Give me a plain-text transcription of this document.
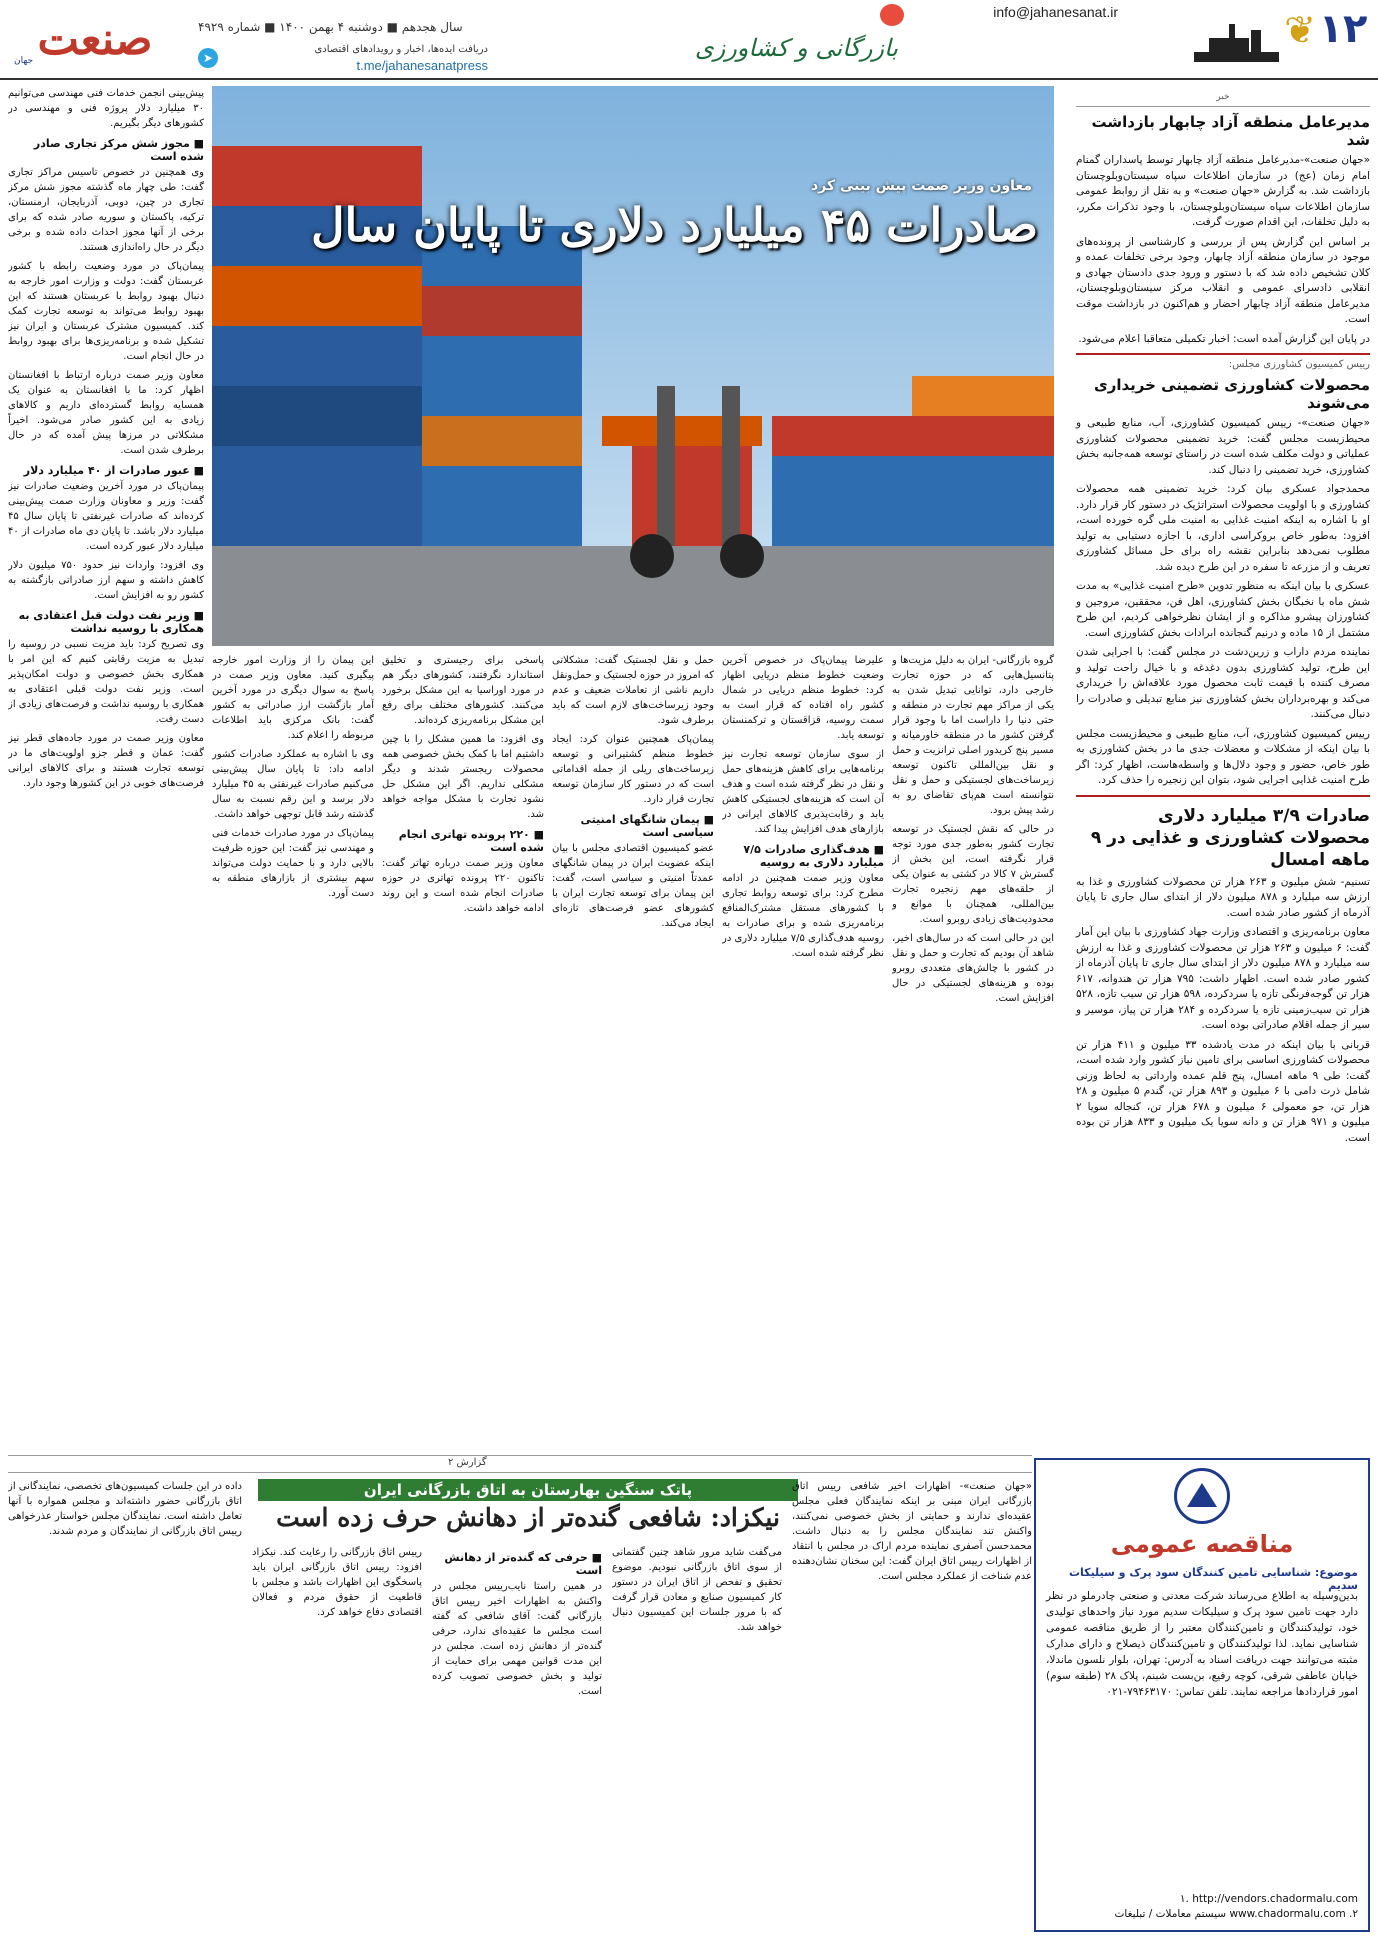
۱۲
❦
بازرگانی و کشاورزی
info@jahanesanat.ir
سال هجدهم ■ دوشنبه ۴ بهمن ۱۴۰۰ ■ شماره ۴۹۲۹
➤
دریافت ایده‌ها، اخبار و رویدادهای اقتصادی
t.me/jahanesanatpress
صنعت
جهان
خبر
مدیرعامل منطقه آزاد چابهار بازداشت شد

«جهان صنعت»-مدیرعامل منطقه آزاد چابهار توسط پاسداران گمنام امام زمان (عج) در سازمان اطلاعات سپاه سیستان‌وبلوچستان بازداشت شد. به گزارش «جهان صنعت» و به نقل از روابط عمومی سازمان اطلاعات سپاه سیستان‌وبلوچستان، با وجود تذکرات مکرر، به دلیل تخلفات، این اقدام صورت گرفت.

بر اساس این گزارش پس از بررسی و کارشناسی از پرونده‌های موجود در سازمان منطقه آزاد چابهار، وجود برخی تخلفات عمده و کلان تشخیص داده شد که با دستور و ورود جدی دادستان جهادی و انقلابی دادسرای عمومی و انقلاب مرکز سیستان‌وبلوچستان، مدیرعامل منطقه آزاد چابهار احضار و هم‌اکنون در بازداشت موقت است.

در پایان این گزارش آمده است: اخبار تکمیلی متعاقبا اعلام می‌شود.

رییس کمیسیون کشاورزی مجلس:
محصولات کشاورزی تضمینی خریداری می‌شوند

«جهان صنعت»- رییس کمیسیون کشاورزی، آب، منابع طبیعی و محیط‌زیست مجلس گفت: خرید تضمینی محصولات کشاورزی عملیاتی و دولت مکلف شده است در راستای توسعه همه‌جانبه بخش کشاورزی، خرید تضمینی را دنبال کند.

محمدجواد عسکری بیان کرد: خرید تضمینی همه محصولات کشاورزی و با اولویت محصولات استراتژیک در دستور کار قرار دارد. او با اشاره به اینکه امنیت غذایی به امنیت ملی گره خورده است، افزود: به‌طور خاص بروکراسی اداری، با اجازه دستیابی به تولید مطلوب نمی‌دهد بنابراین نقشه راه برای حل مسائل کشاورزی تعریف و از مزرعه تا سفره در این طرح دیده شد.

عسکری با بیان اینکه به منظور تدوین «طرح امنیت غذایی» به مدت شش ماه با نخبگان بخش کشاورزی، اهل فن، محققین، مروجین و کشاورزان پیشرو مذاکره و از ایشان نظرخواهی کردیم، این طرح مشتمل از ۱۵ ماده و درنیم‌ گنجانده ابرادات بخش کشاورزی است.

نماینده مردم داراب و زرین‌دشت در مجلس گفت: با اجرایی شدن این طرح، تولید کشاورزی بدون دغدغه و با خیال راحت تولید و مصرف کننده با قیمت ثابت محصول مورد علاقه‌اش را خریداری می‌کند و بهره‌برداران بخش کشاورزی نیز منابع تبدیلی و صادرات را دنبال می‌کنند.

رییس کمیسیون کشاورزی، آب، منابع طبیعی و محیط‌زیست مجلس با بیان اینکه از مشکلات و معضلات جدی ما در بخش کشاورزی به طور خاص، حضور و وجود دلال‌ها و واسطه‌هاست، اظهار کرد: اگر طرح امنیت غذایی اجرایی شود، بتوان این زنجیره را حذف کرد.

صادرات ۳/۹ میلیارد دلاری محصولات کشاورزی و غذایی در ۹ ماهه امسال

تسنیم- شش میلیون و ۲۶۳ هزار تن محصولات کشاورزی و غذا به ارزش سه میلیارد و ۸۷۸ میلیون دلار از ابتدای سال جاری تا پایان آذرماه از کشور صادر شده است.

معاون برنامه‌ریزی و اقتصادی وزارت جهاد کشاورزی با بیان این آمار گفت: ۶ میلیون و ۲۶۳ هزار تن محصولات کشاورزی و غذا به ارزش سه میلیارد و ۸۷۸ میلیون دلار از ابتدای سال جاری تا پایان آذرماه از کشور صادر شده است. اظهار داشت: ۷۹۵ هزار تن هندوانه، ۶۱۷ هزار تن گوجه‌فرنگی تازه یا سردکرده، ۵۹۸ هزار تن سیب تازه، ۵۲۸ هزار تن سیب‌زمینی تازه یا سردکرده و ۲۸۴ هزار تن پیاز، موسیر و سیر از جمله اقلام صادراتی بوده است.

قربانی با بیان اینکه در مدت یادشده ۳۳ میلیون و ۴۱۱ هزار تن محصولات کشاورزی اساسی برای تامین نیاز کشور وارد شده است، گفت: طی ۹ ماهه امسال، پنج قلم عمده وارداتی به لحاظ وزنی شامل ذرت دامی با ۶ میلیون و ۸۹۳ هزار تن، گندم ۵ میلیون و ۲۸ هزار تن، جو معمولی ۶ میلیون و ۶۷۸ هزار تن، کنجاله سویا ۲ میلیون و ۹۷۱ هزار تن و دانه سویا یک میلیون و ۸۳۳ هزار تن بوده است.

معاون وزیر صمت پیش بینی کرد
صادرات ۴۵ میلیارد دلاری تا پایان سال

گروه بازرگانی- ایران به دلیل مزیت‌ها و پتانسیل‌هایی که در حوزه تجارت خارجی دارد، توانایی تبدیل شدن به یکی از مراکز مهم تجارت در منطقه و حتی دنیا را داراست اما با وجود قرار گرفتن کشور ما در منطقه خاورمیانه و مسیر پنج کریدور اصلی ترانزیت و حمل و نقل بین‌المللی تاکنون توسعه زیرساخت‌های لجستیکی و حمل و نقل نتوانسته است هم‌پای تقاضای رو به رشد پیش برود.

در حالی که نقش لجستیک در توسعه تجارت کشور به‌طور جدی مورد توجه قرار نگرفته است، این بخش از گسترش ۷ کالا در کشتی به عنوان یکی از حلقه‌های مهم زنجیره تجارت بین‌المللی، همچنان با موانع و محدودیت‌های زیادی روبرو است.

این در حالی است که در سال‌های اخیر، شاهد آن بودیم که تجارت و حمل و نقل در کشور با چالش‌های متعددی روبرو بوده و هزینه‌های لجستیکی در حال افزایش است.

علیرضا پیمان‌پاک در خصوص آخرین وضعیت خطوط منظم دریایی اظهار کرد: خطوط منظم دریایی در شمال کشور راه افتاده که قرار است به سمت روسیه، قزاقستان و ترکمنستان توسعه یابد.

از سوی سازمان توسعه تجارت نیز برنامه‌هایی برای کاهش هزینه‌های حمل و نقل در نظر گرفته شده است و هدف آن است که هزینه‌های لجستیکی کاهش یابد و رقابت‌پذیری کالاهای ایرانی در بازارهای هدف افزایش پیدا کند.

■ هدف‌گذاری صادرات ۷/۵ میلیارد دلاری به روسیه

معاون وزیر صمت همچنین در ادامه مطرح کرد: برای توسعه روابط تجاری با کشورهای مستقل مشترک‌المنافع برنامه‌ریزی شده و برای صادرات به روسیه هدف‌گذاری ۷/۵ میلیارد دلاری در نظر گرفته شده است.

حمل و نقل لجستیک گفت: مشکلاتی که امروز در حوزه لجستیک و حمل‌ونقل داریم ناشی از تعاملات ضعیف و عدم وجود زیرساخت‌های لازم است که باید برطرف شود.

پیمان‌پاک همچنین عنوان کرد: ایجاد خطوط منظم کشتیرانی و توسعه زیرساخت‌های ریلی از جمله اقداماتی است که در دستور کار سازمان توسعه تجارت قرار دارد.

■ پیمان شانگهای امنیتی سیاسی است

عضو کمیسیون اقتصادی مجلس با بیان اینکه عضویت ایران در پیمان شانگهای عمدتاً امنیتی و سیاسی است، گفت: این پیمان برای توسعه تجارت ایران با کشورهای عضو فرصت‌های تازه‌ای ایجاد می‌کند.

پاسخی برای رجیستری و تخلیق استاندارد نگرفتند، کشورهای دیگر هم در مورد اوراسیا به این مشکل برخورد می‌کنند. کشورهای مختلف برای رفع این مشکل برنامه‌ریزی کرده‌اند.

وی افزود: ما همین مشکل را با چین داشتیم اما با کمک بخش خصوصی همه محصولات ریجستر شدند و دیگر مشکلی نداریم. اگر این مشکل حل نشود تجارت با مشکل مواجه خواهد شد.

■ ۲۲۰ پرونده تهاتری انجام شده است

معاون وزیر صمت درباره تهاتر گفت: تاکنون ۲۲۰ پرونده تهاتری در حوزه صادرات انجام شده است و این روند ادامه خواهد داشت.

این پیمان را از وزارت امور خارجه پیگیری کنید. معاون وزیر صمت در پاسخ به سوال دیگری در مورد آخرین آمار بازگشت ارز صادراتی به کشور گفت: بانک مرکزی باید اطلاعات مربوطه را اعلام کند.

وی با اشاره به عملکرد صادرات کشور ادامه داد: تا پایان سال پیش‌بینی می‌کنیم صادرات غیرنفتی به ۴۵ میلیارد دلار برسد و این رقم نسبت به سال گذشته رشد قابل توجهی خواهد داشت.

پیمان‌پاک در مورد صادرات خدمات فنی و مهندسی نیز گفت: این حوزه ظرفیت بالایی دارد و با حمایت دولت می‌تواند سهم بیشتری از بازارهای منطقه به دست آورد.

پیش‌بینی انجمن خدمات فنی مهندسی می‌توانیم ۳۰ میلیارد دلار پروژه فنی و مهندسی در کشورهای دیگر بگیریم.

■ مجوز شش مرکز تجاری صادر شده است

وی همچنین در خصوص تاسیس مراکز تجاری گفت: طی چهار ماه گذشته مجوز شش مرکز تجاری در چین، دوبی، آذربایجان، ارمنستان، ترکیه، پاکستان و سوریه صادر شده که برای برخی از آنها مجوز احداث داده شده و برخی دیگر در حال راه‌اندازی هستند.

پیمان‌پاک در مورد وضعیت رابطه با کشور عربستان گفت: دولت و وزارت امور خارجه به دنبال بهبود روابط با عربستان هستند که این بهبود روابط می‌تواند به توسعه تجارت کمک کند. کمیسیون مشترک عربستان و ایران نیز تشکیل شده و برنامه‌ریزی‌ها برای بهبود روابط در حال انجام است.

معاون وزیر صمت درباره ارتباط با افغانستان اظهار کرد: ما با افغانستان به عنوان یک همسایه روابط گسترده‌ای داریم و کالاهای زیادی به این کشور صادر می‌شود. اخیراً مشکلاتی در مرزها پیش آمده که در حال برطرف شدن است.

■ عبور صادرات از ۴۰ میلیارد دلار

پیمان‌پاک در مورد آخرین وضعیت صادرات نیز گفت: وزیر و معاونان وزارت صمت پیش‌بینی کرده‌اند که صادرات غیرنفتی تا پایان سال ۴۵ میلیارد دلار باشد. تا پایان دی ماه صادرات از ۴۰ میلیارد دلار عبور کرده است.

وی افزود: واردات نیز حدود ۷۵۰ میلیون دلار کاهش داشته و سهم ارز صادراتی بازگشته به کشور رو به افزایش است.

■ وزیر نفت دولت قبل اعتقادی به همکاری با روسیه نداشت

وی تصریح کرد: باید مزیت نسبی در روسیه را تبدیل به مزیت رقابتی کنیم که این امر با همکاری بخش خصوصی و دولت امکان‌پذیر است. وزیر نفت دولت قبلی اعتقادی به همکاری با روسیه نداشت و فرصت‌های زیادی از دست رفت.

معاون وزیر صمت در مورد جاده‌های قطر نیز گفت: عمان و قطر جزو اولویت‌های ما در توسعه تجارت هستند و برای کالاهای ایرانی فرصت‌های خوبی در این کشورها وجود دارد.

گزارش ۲
پاتک سنگین بهارستان به اتاق بازرگانی ایران
نیکزاد: شافعی گنده‌تر از دهانش حرف زده است

«جهان صنعت»- اظهارات اخیر شافعی رییس اتاق بازرگانی ایران مبنی بر اینکه نمایندگان فعلی مجلس عقیده‌ای ندارند و حمایتی از بخش خصوصی نمی‌کنند، واکنش تند نمایندگان مجلس را به دنبال داشت. محمدحسن آصفری نماینده مردم اراک در مجلس با انتقاد از اظهارات رییس اتاق ایران گفت: این سخنان نشان‌دهنده عدم شناخت از عملکرد مجلس است.

می‌گفت شاید مرور شاهد چنین گفتمانی از سوی اتاق بازرگانی نبودیم. موضوع تحقیق و تفحص از اتاق ایران در دستور کار کمیسیون صنایع و معادن قرار گرفت که با مرور جلسات این کمیسیون دنبال خواهد شد.

■ حرفی که گنده‌تر از دهانش است

در همین راستا نایب‌رییس مجلس در واکنش به اظهارات اخیر رییس اتاق بازرگانی گفت: آقای شافعی که گفته است مجلس ما عقیده‌ای ندارد، حرفی گنده‌تر از دهانش زده است. مجلس در این مدت قوانین مهمی برای حمایت از تولید و بخش خصوصی تصویب کرده است.

رییس اتاق بازرگانی را رعایت کند. نیکزاد افزود: رییس اتاق بازرگانی ایران باید پاسخگوی این اظهارات باشد و مجلس با قاطعیت از حقوق مردم و فعالان اقتصادی دفاع خواهد کرد.

داده‌ در این جلسات کمیسیون‌های تخصصی، نمایندگانی از اتاق بازرگانی حضور داشته‌اند و مجلس همواره با آنها تعامل داشته است. نمایندگان مجلس خواستار عذرخواهی رییس اتاق بازرگانی از نمایندگان و مردم شدند.	مناقصه عمومی
موضوع: شناسایی تامین کنندگان سود پرک و سیلیکات سدیم
بدین‌وسیله به اطلاع می‌رساند شرکت معدنی و صنعتی چادرملو در نظر دارد جهت تامین سود پرک و سیلیکات سدیم مورد نیاز واحدهای تولیدی خود، تولیدکنندگان و تامین‌کنندگان معتبر را از طریق مناقصه عمومی شناسایی نماید. لذا تولیدکنندگان و تامین‌کنندگان ذیصلاح و دارای مدارک مثبته می‌توانند جهت دریافت اسناد به آدرس: تهران، بلوار نلسون ماندلا، خیابان عاطفی شرقی، کوچه رفیع، بن‌بست شبنم، پلاک ۲۸ (طبقه سوم) امور قراردادها مراجعه نمایند. تلفن تماس: ۷۹۴۶۳۱۷۰-۰۲۱
۱. http://vendors.chadormalu.com
۲. www.chadormalu.com سیستم معاملات / تبلیغات
